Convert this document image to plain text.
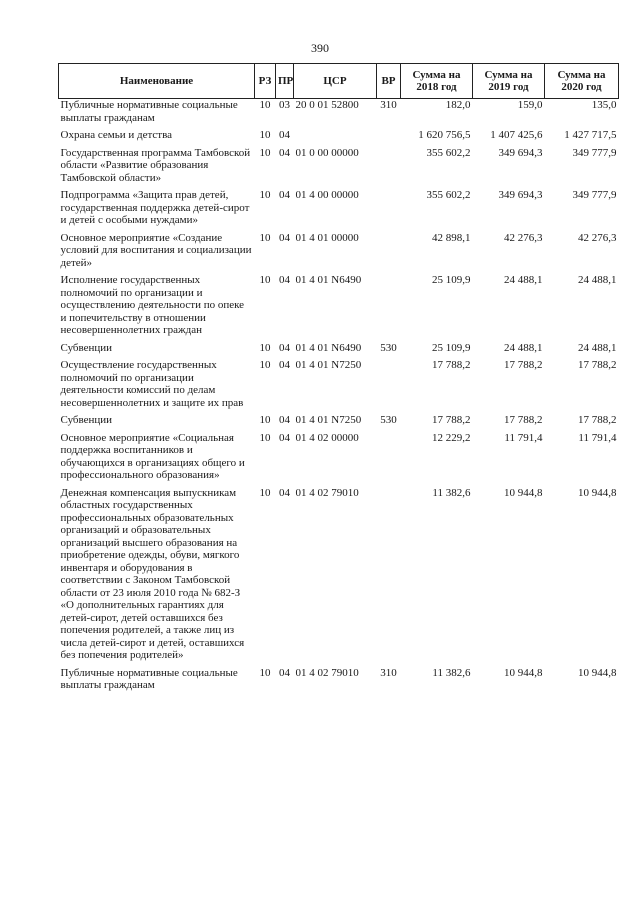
390
Наименование	РЗ	ПР	ЦСР	ВР	Сумма на 2018 год	Сумма на 2019 год	Сумма на 2020 год
Публичные нормативные социальные выплаты гражданам	10	03	20 0 01 52800	310	182,0	159,0	135,0
Охрана семьи и детства	10	04			1 620 756,5	1 407 425,6	1 427 717,5
Государственная программа Тамбовской области «Развитие образования Тамбовской области»	10	04	01 0 00 00000		355 602,2	349 694,3	349 777,9
Подпрограмма «Защита прав детей, государственная поддержка детей-сирот и детей с особыми нуждами»	10	04	01 4 00 00000		355 602,2	349 694,3	349 777,9
Основное мероприятие «Создание условий для воспитания и социализации детей»	10	04	01 4 01 00000		42 898,1	42 276,3	42 276,3
Исполнение государственных полномочий по организации и осуществлению деятельности по опеке и попечительству в отношении несовершеннолетних граждан	10	04	01 4 01 N6490		25 109,9	24 488,1	24 488,1
Субвенции	10	04	01 4 01 N6490	530	25 109,9	24 488,1	24 488,1
Осуществление государственных полномочий по организации деятельности комиссий по делам несовершеннолетних и защите их прав	10	04	01 4 01 N7250		17 788,2	17 788,2	17 788,2
Субвенции	10	04	01 4 01 N7250	530	17 788,2	17 788,2	17 788,2
Основное мероприятие «Социальная поддержка воспитанников и обучающихся в организациях общего и профессионального образования»	10	04	01 4 02 00000		12 229,2	11 791,4	11 791,4
Денежная компенсация выпускникам областных государственных профессиональных образовательных организаций и образовательных организаций высшего образования на приобретение одежды, обуви, мягкого инвентаря и оборудования в соответствии с Законом Тамбовской области от 23 июля 2010 года № 682-З «О дополнительных гарантиях для детей-сирот, детей оставшихся без попечения родителей, а также лиц из числа детей-сирот и детей, оставшихся без попечения родителей»	10	04	01 4 02 79010		11 382,6	10 944,8	10 944,8
Публичные нормативные социальные выплаты гражданам	10	04	01 4 02 79010	310	11 382,6	10 944,8	10 944,8
